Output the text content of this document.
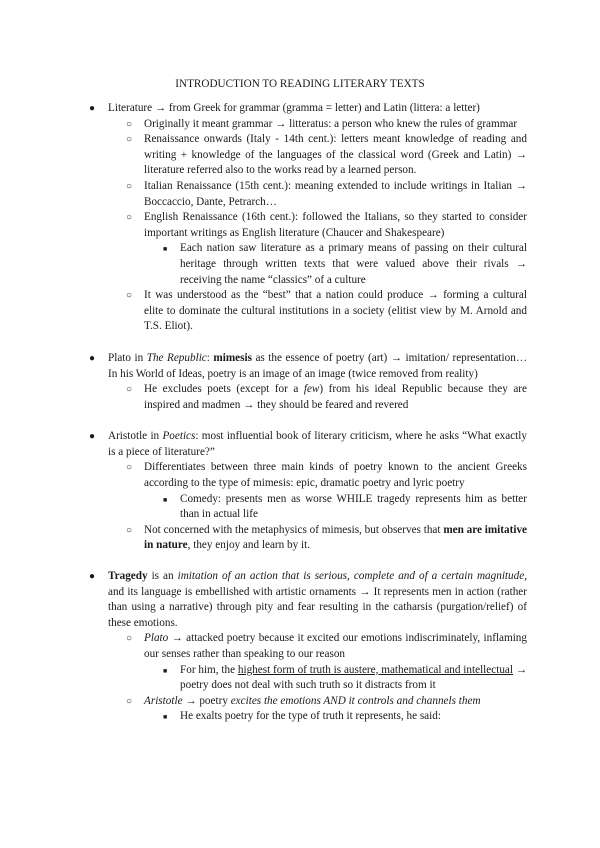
INTRODUCTION TO READING LITERARY TEXTS
● Literature → from Greek for grammar (gramma = letter) and Latin (littera: a letter)
○ Originally it meant grammar → litteratus: a person who knew the rules of grammar
○ Renaissance onwards (Italy - 14th cent.): letters meant knowledge of reading and writing + knowledge of the languages of the classical word (Greek and Latin) → literature referred also to the works read by a learned person.
○ Italian Renaissance (15th cent.): meaning extended to include writings in Italian → Boccaccio, Dante, Petrarch…
○ English Renaissance (16th cent.): followed the Italians, so they started to consider important writings as English literature (Chaucer and Shakespeare)
■ Each nation saw literature as a primary means of passing on their cultural heritage through written texts that were valued above their rivals → receiving the name “classics” of a culture
○ It was understood as the “best” that a nation could produce → forming a cultural elite to dominate the cultural institutions in a society (elitist view by M. Arnold and T.S. Eliot).
● Plato in The Republic: mimesis as the essence of poetry (art) → imitation/ representation… In his World of Ideas, poetry is an image of an image (twice removed from reality)
○ He excludes poets (except for a few) from his ideal Republic because they are inspired and madmen → they should be feared and revered
● Aristotle in Poetics: most influential book of literary criticism, where he asks “What exactly is a piece of literature?”
○ Differentiates between three main kinds of poetry known to the ancient Greeks according to the type of mimesis: epic, dramatic poetry and lyric poetry
■ Comedy: presents men as worse WHILE tragedy represents him as better than in actual life
○ Not concerned with the metaphysics of mimesis, but observes that men are imitative in nature, they enjoy and learn by it.
● Tragedy is an imitation of an action that is serious, complete and of a certain magnitude, and its language is embellished with artistic ornaments → It represents men in action (rather than using a narrative) through pity and fear resulting in the catharsis (purgation/relief) of these emotions.
○ Plato → attacked poetry because it excited our emotions indiscriminately, inflaming our senses rather than speaking to our reason
■ For him, the highest form of truth is austere, mathematical and intellectual → poetry does not deal with such truth so it distracts from it
○ Aristotle → poetry excites the emotions AND it controls and channels them
■ He exalts poetry for the type of truth it represents, he said:
